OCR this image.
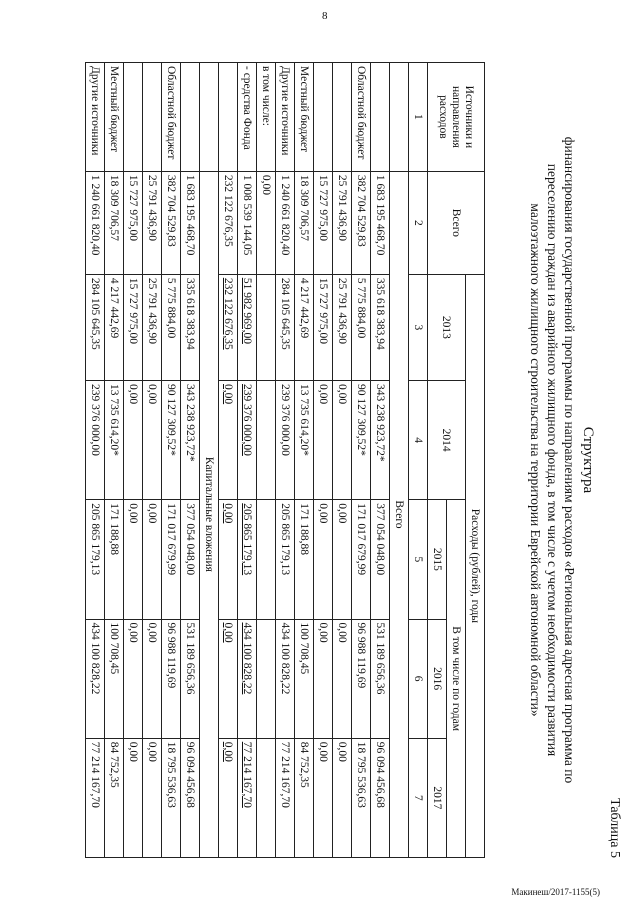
8
Таблица 5
Структура
финансирования государственной программы по направлениям расходов «Региональная адресная программа по
переселению граждан из аварийного жилищного фонда, в том числе с учетом необходимости развития
малоэтажного жилищного строительства на территории Еврейской автономной области»
Источники и направления расходов	Всего	Расходы (рублей), годы				
		2013	2014	В том числе по годам		
				2015	2016	2017
1	2	3	4	5	6	7
	Всего					
	1 683 195 468,70	335 618 383,94	343 238 923,72*	377 054 048,00	531 189 656,36	96 094 456,68
Областной бюджет	382 704 529,83	5 775 884,00	90 127 309,52*	171 017 679,99	96 988 119,69	18 795 536,63
	25 791 436,90	25 791 436,90	0,00	0,00	0,00	0,00
	15 727 975,00	15 727 975,00	0,00	0,00	0,00	0,00
Местный бюджет	18 309 706,57	4 217 442,69	13 735 614,20*	171 188,88	100 708,45	84 752,35
Другие источники	1 240 661 820,40	284 105 645,35	239 376 000,00	205 865 179,13	434 100 828,22	77 214 167,70
в том числе:	0,00					
- средства Фонда	1 008 539 144,05	51 982 969,00	239 376 000,00	205 865 179,13	434 100 828,22	77 214 167,70
	232 122 676,35	232 122 676,35	0,00	0,00	0,00	0,00
	Капитальные вложения					
	1 683 195 468,70	335 618 383,94	343 238 923,72*	377 054 048,00	531 189 656,36	96 094 456,68
Областной бюджет	382 704 529,83	5 775 884,00	90 127 309,52*	171 017 679,99	96 988 119,69	18 795 536,63
	25 791 436,90	25 791 436,90	0,00	0,00	0,00	0,00
	15 727 975,00	15 727 975,00	0,00	0,00	0,00	0,00
Местный бюджет	18 309 706,57	4 217 442,69	13 735 614,20*	171 188,88	100 708,45	84 752,35
Другие источники	1 240 661 820,40	284 105 645,35	239 376 000,00	205 865 179,13	434 100 828,22	77 214 167,70
Макинеш/2017-1155(5)
